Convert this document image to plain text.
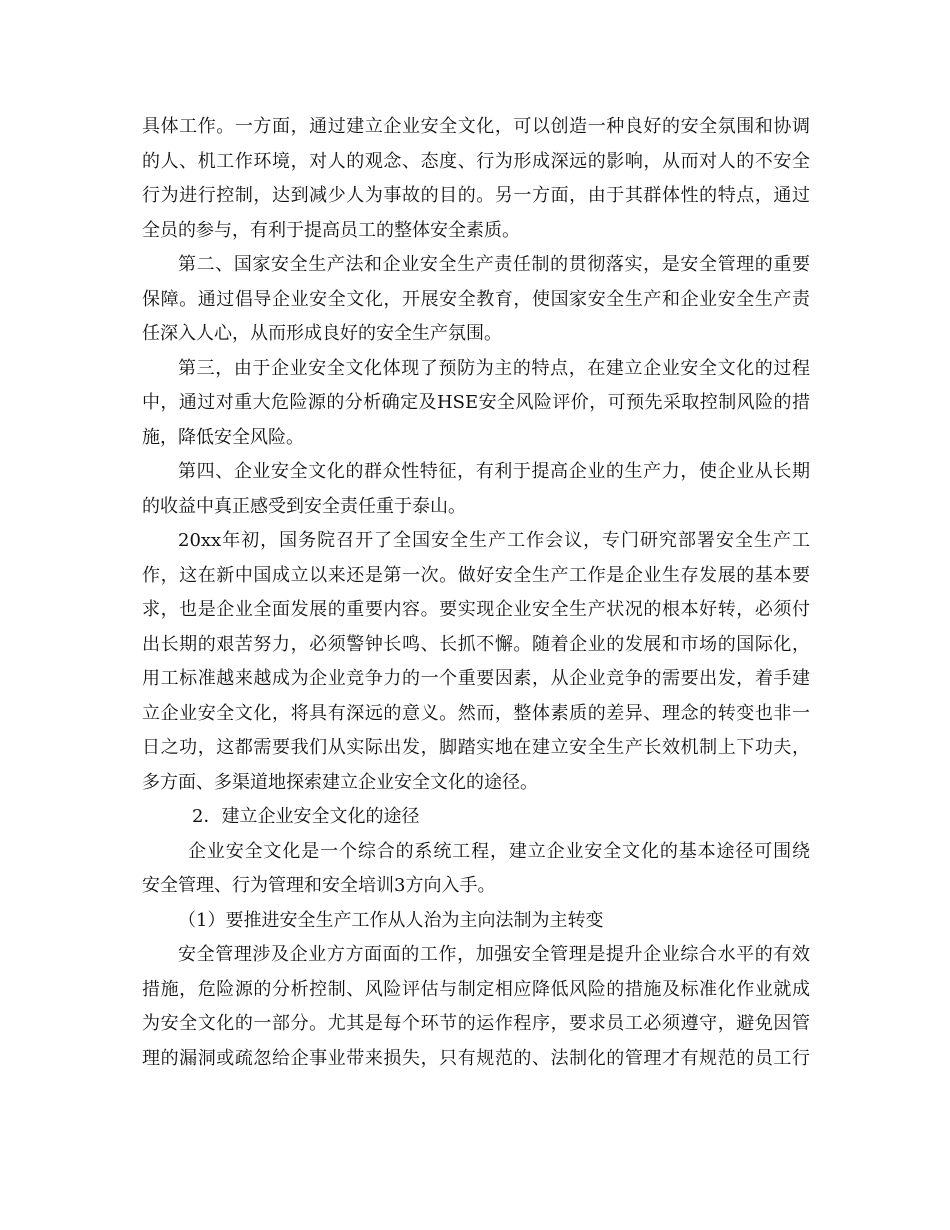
具体工作。一方面，通过建立企业安全文化，可以创造一种良好的安全氛围和协调
的人、机工作环境，对人的观念、态度、行为形成深远的影响，从而对人的不安全
行为进行控制，达到减少人为事故的目的。另一方面，由于其群体性的特点，通过
全员的参与，有利于提高员工的整体安全素质。
第二、国家安全生产法和企业安全生产责任制的贯彻落实，是安全管理的重要
保障。通过倡导企业安全文化，开展安全教育，使国家安全生产和企业安全生产责
任深入人心，从而形成良好的安全生产氛围。
第三，由于企业安全文化体现了预防为主的特点，在建立企业安全文化的过程
中，通过对重大危险源的分析确定及HSE安全风险评价，可预先采取控制风险的措
施，降低安全风险。
第四、企业安全文化的群众性特征，有利于提高企业的生产力，使企业从长期
的收益中真正感受到安全责任重于泰山。
20xx年初，国务院召开了全国安全生产工作会议，专门研究部署安全生产工
作，这在新中国成立以来还是第一次。做好安全生产工作是企业生存发展的基本要
求，也是企业全面发展的重要内容。要实现企业安全生产状况的根本好转，必须付
出长期的艰苦努力，必须警钟长鸣、长抓不懈。随着企业的发展和市场的国际化，
用工标准越来越成为企业竞争力的一个重要因素，从企业竞争的需要出发，着手建
立企业安全文化，将具有深远的意义。然而，整体素质的差异、理念的转变也非一
日之功，这都需要我们从实际出发，脚踏实地在建立安全生产长效机制上下功夫，
多方面、多渠道地探索建立企业安全文化的途径。
2．建立企业安全文化的途径
企业安全文化是一个综合的系统工程，建立企业安全文化的基本途径可围绕
安全管理、行为管理和安全培训3方向入手。
（1）要推进安全生产工作从人治为主向法制为主转变
安全管理涉及企业方方面面的工作，加强安全管理是提升企业综合水平的有效
措施，危险源的分析控制、风险评估与制定相应降低风险的措施及标准化作业就成
为安全文化的一部分。尤其是每个环节的运作程序，要求员工必须遵守，避免因管
理的漏洞或疏忽给企事业带来损失，只有规范的、法制化的管理才有规范的员工行
